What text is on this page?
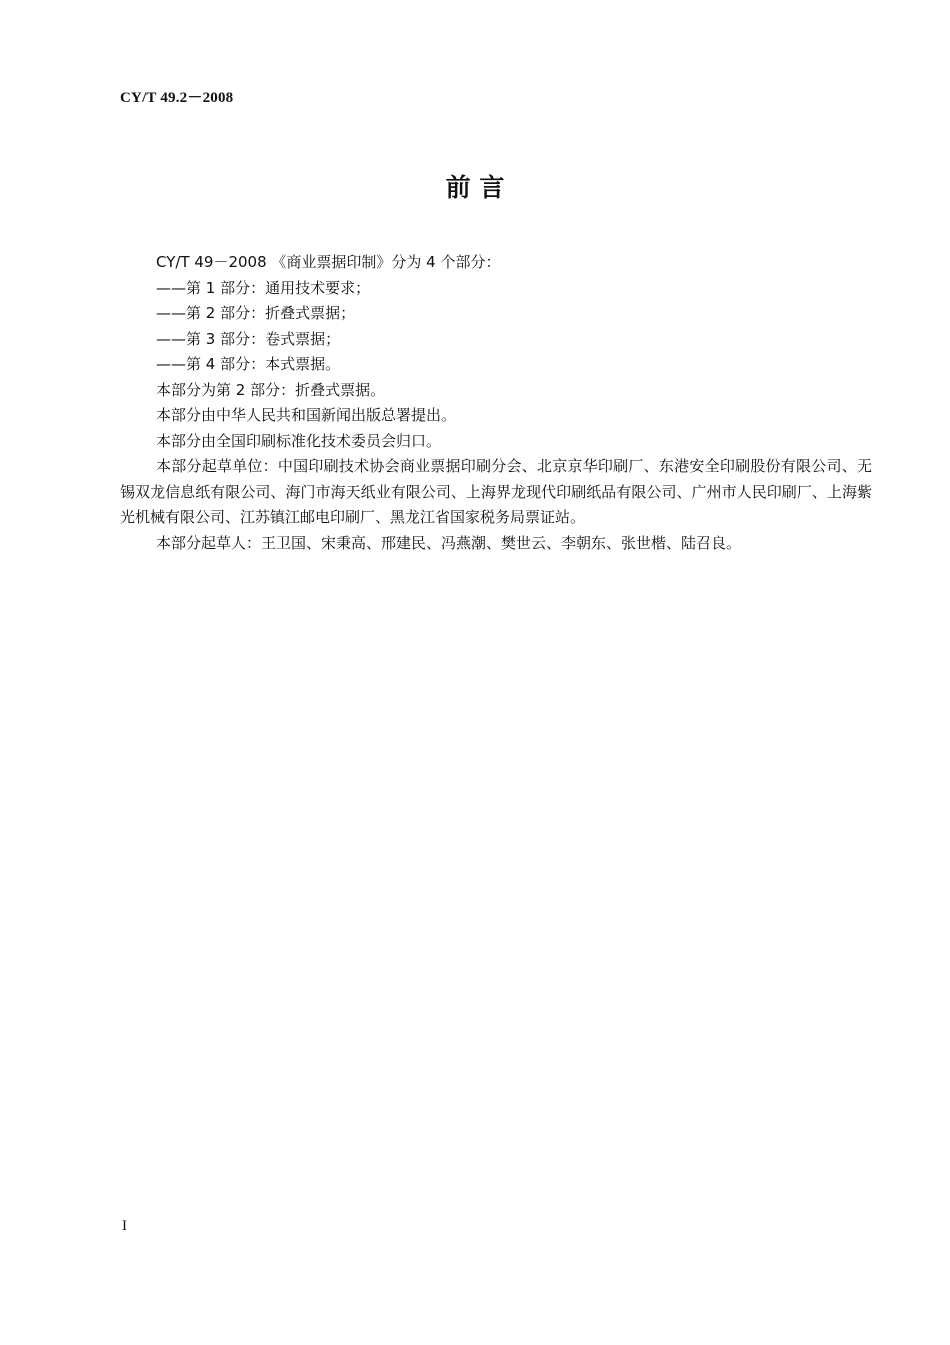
CY/T 49.2－2008
前 言

CY/T 49－2008 《商业票据印制》分为 4 个部分：

——第 1 部分：通用技术要求；

——第 2 部分：折叠式票据；

——第 3 部分：卷式票据；

——第 4 部分：本式票据。

本部分为第 2 部分：折叠式票据。

本部分由中华人民共和国新闻出版总署提出。

本部分由全国印刷标准化技术委员会归口。

本部分起草单位：中国印刷技术协会商业票据印刷分会、北京京华印刷厂、东港安全印刷股份有限公司、无锡双龙信息纸有限公司、海门市海天纸业有限公司、上海界龙现代印刷纸品有限公司、广州市人民印刷厂、上海紫光机械有限公司、江苏镇江邮电印刷厂、黑龙江省国家税务局票证站。

本部分起草人：王卫国、宋秉高、邢建民、冯燕潮、樊世云、李朝东、张世楷、陆召良。

I
